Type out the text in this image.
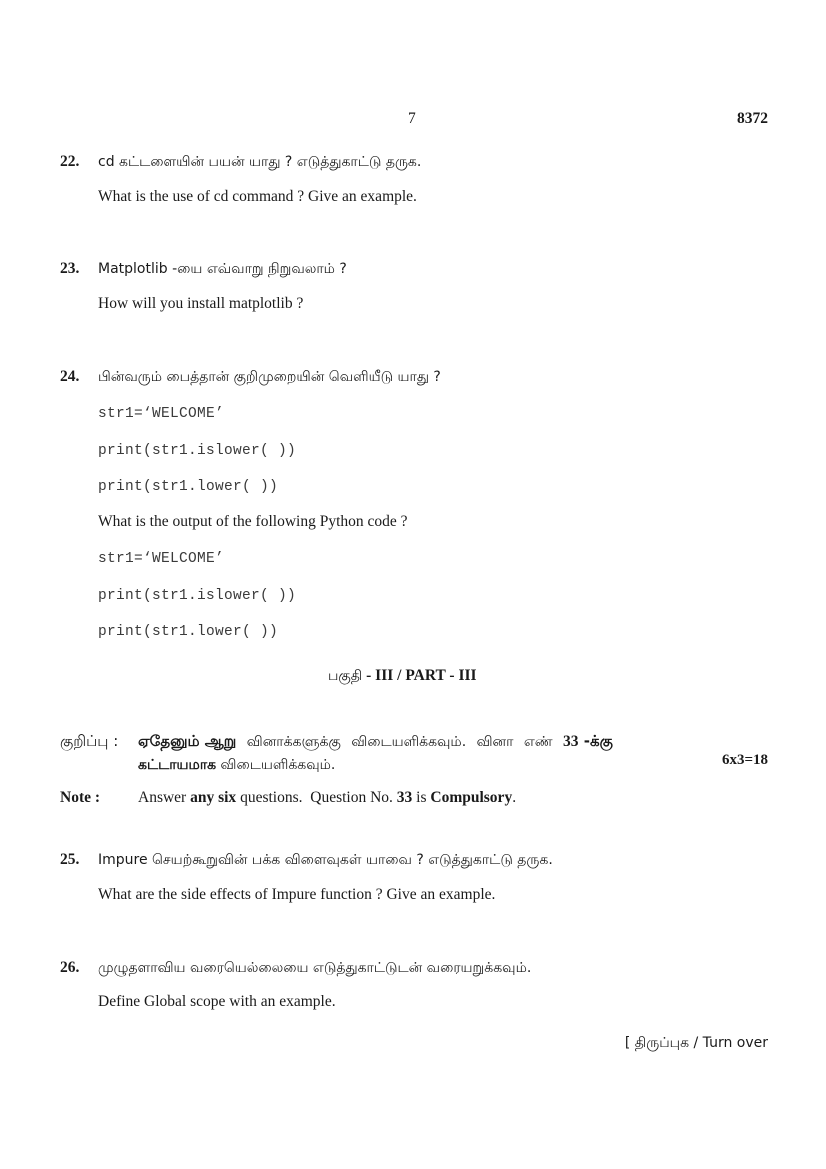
7	8372
22. cd கட்டளையின் பயன் யாது ? எடுத்துகாட்டு தருக.
What is the use of cd command ? Give an example.
23. Matplotlib -யை எவ்வாறு நிறுவலாம் ?
How will you install matplotlib ?
24. பின்வரும் பைத்தான் குறிமுறையின் வெளியீடு யாது ?
str1=‘WELCOME’
print(str1.islower( ))
print(str1.lower( ))
What is the output of the following Python code ?
str1=‘WELCOME’
print(str1.islower( ))
print(str1.lower( ))
பகுதி - III / PART - III
குறிப்பு : ஏதேனும் ஆறு வினாக்களுக்கு விடையளிக்கவும். வினா எண் 33 -க்கு
கட்டாயமாக விடையளிக்கவும்.	6x3=18
Note : Answer any six questions.  Question No. 33 is Compulsory.
25. Impure செயற்கூறுவின் பக்க விளைவுகள் யாவை ? எடுத்துகாட்டு தருக.
What are the side effects of Impure function ? Give an example.
26. முழுதளாவிய வரையெல்லையை எடுத்துகாட்டுடன் வரையறுக்கவும்.
Define Global scope with an example.
[ திருப்புக / Turn over
